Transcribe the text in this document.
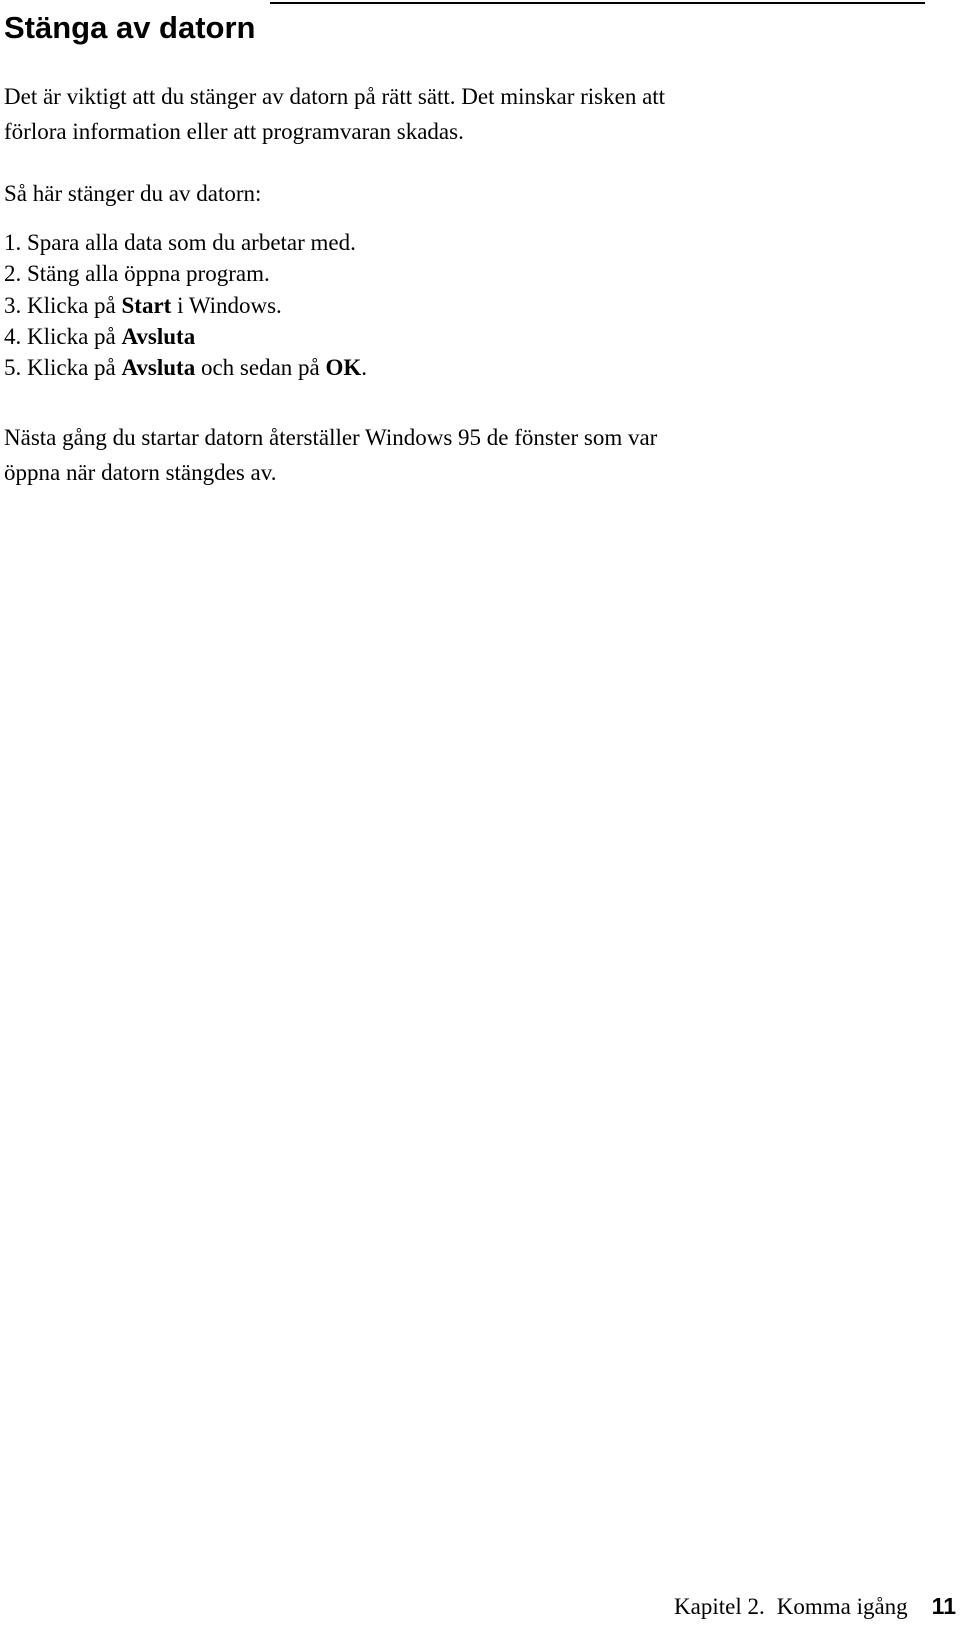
Stänga av datorn

Det är viktigt att du stänger av datorn på rätt sätt. Det minskar risken att
förlora information eller att programvaran skadas.

Så här stänger du av datorn:

1. Spara alla data som du arbetar med.
2. Stäng alla öppna program.
3. Klicka på Start i Windows.
4. Klicka på Avsluta
5. Klicka på Avsluta och sedan på OK.

Nästa gång du startar datorn återställer Windows 95 de fönster som var
öppna när datorn stängdes av.

Kapitel 2. Komma igång 11
